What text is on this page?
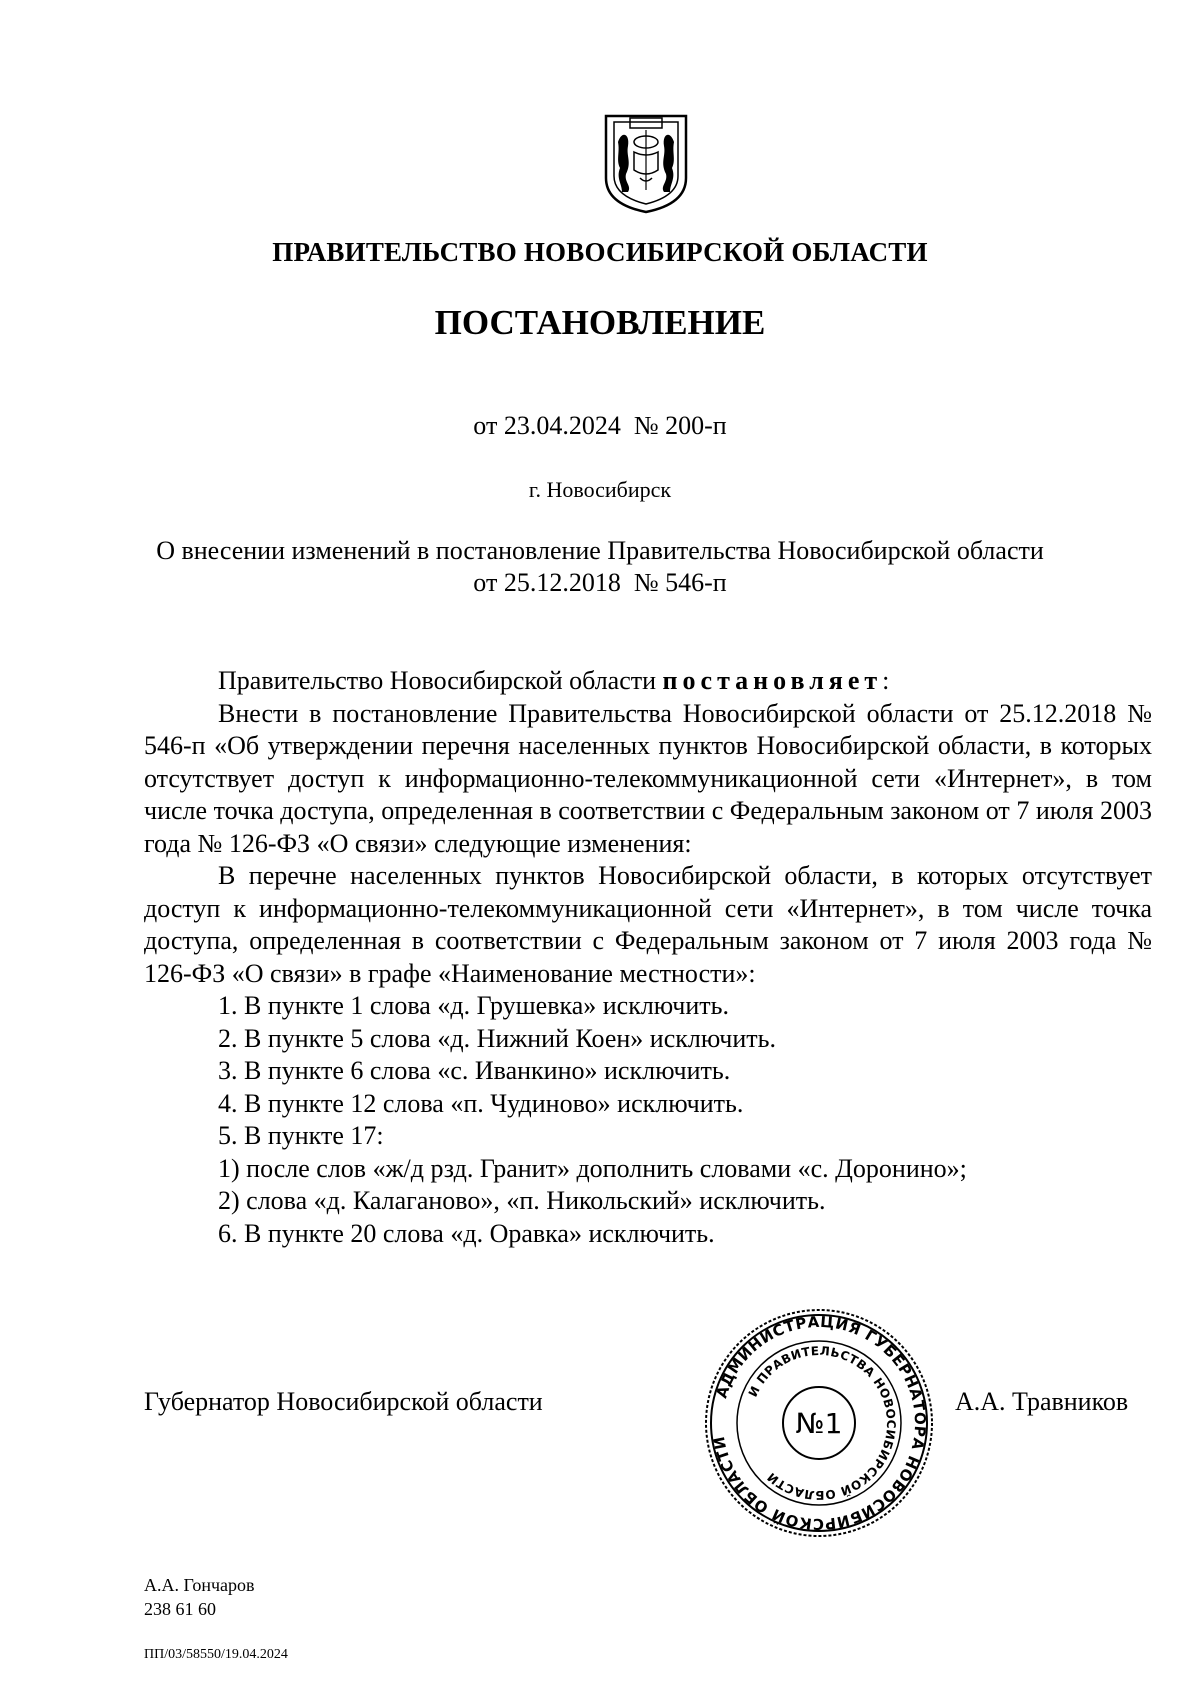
ПРАВИТЕЛЬСТВО НОВОСИБИРСКОЙ ОБЛАСТИ
ПОСТАНОВЛЕНИЕ
от 23.04.2024  № 200-п
г. Новосибирск
О внесении изменений в постановление Правительства Новосибирской области
от 25.12.2018  № 546-п

Правительство Новосибирской области постановляет:

Внести в постановление Правительства Новосибирской области от 25.12.2018 № 546-п «Об утверждении перечня населенных пунктов Новосибирской области, в которых отсутствует доступ к информационно-телекоммуникационной сети «Интернет», в том числе точка доступа, определенная в соответствии с Федеральным законом от 7 июля 2003 года № 126-ФЗ «О связи» следующие изменения:

В перечне населенных пунктов Новосибирской области, в которых отсутствует доступ к информационно-телекоммуникационной сети «Интернет», в том числе точка доступа, определенная в соответствии с Федеральным законом от 7 июля 2003 года № 126-ФЗ «О связи» в графе «Наименование местности»:

1. В пункте 1 слова «д. Грушевка» исключить.

2. В пункте 5 слова «д. Нижний Коен» исключить.

3. В пункте 6 слова «с. Иванкино» исключить.

4. В пункте 12 слова «п. Чудиново» исключить.

5. В пункте 17:

1) после слов «ж/д рзд. Гранит» дополнить словами «с. Доронино»;

2) слова «д. Калаганово», «п. Никольский» исключить.

6. В пункте 20 слова «д. Оравка» исключить.

Губернатор Новосибирской области	АДМИНИСТРАЦИЯ ГУБЕРНАТОРА НОВОСИБИРСКОЙ ОБЛАСТИ
И ПРАВИТЕЛЬСТВА НОВОСИБИРСКОЙ ОБЛАСТИ
№1
А.А. Травников
А.А. Гончаров
238 61 60
ПП/03/58550/19.04.2024
